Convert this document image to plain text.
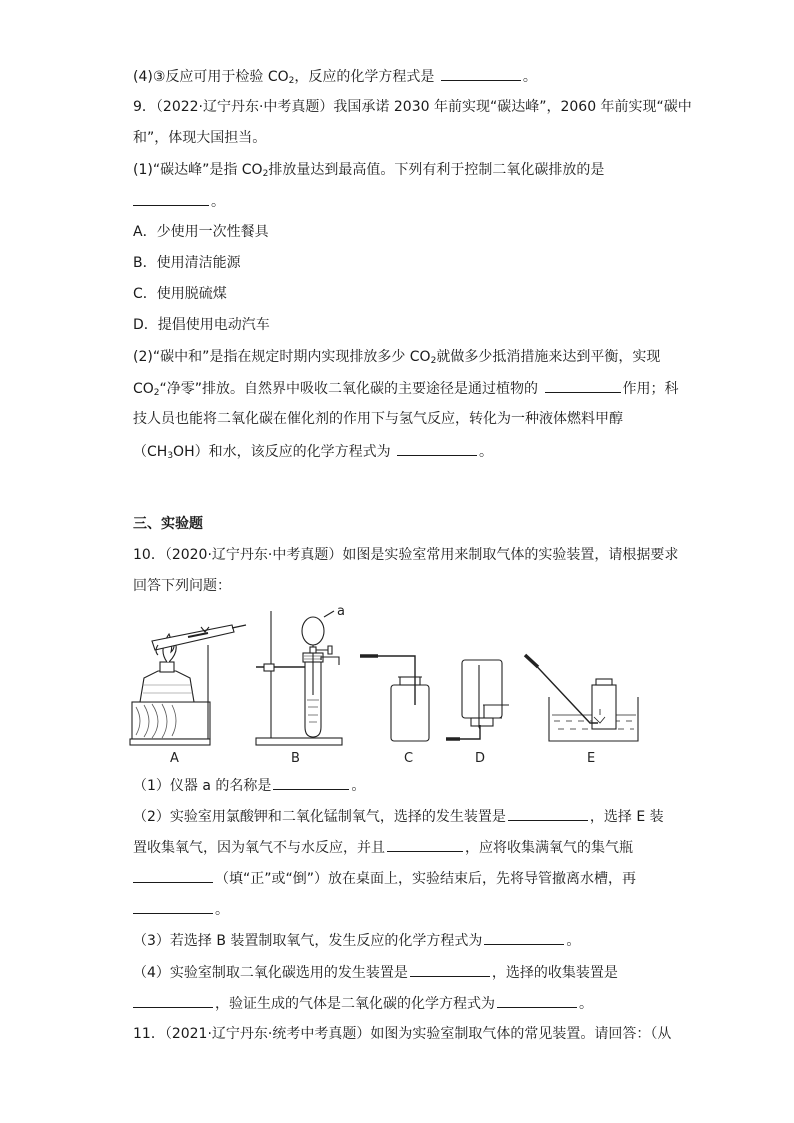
(4)③反应可用于检验 $CO_2$，反应的化学方程式是	。
9．（2022·辽宁丹东·中考真题）我国承诺 2030 年前实现“碳达峰”，2060 年前实现“碳中
和”，体现大国担当。
(1)“碳达峰”是指 $CO_2$排放量达到最高值。下列有利于控制二氧化碳排放的是
。
A．少使用一次性餐具
B．使用清洁能源
C．使用脱硫煤
D．提倡使用电动汽车
(2)“碳中和”是指在规定时期内实现排放多少 $CO_2$就做多少抵消措施来达到平衡，实现
$CO_2“$净零”排放。自然界中吸收二氧化碳的主要途径是通过植物的	作用；科
技人员也能将二氧化碳在催化剂的作用下与氢气反应，转化为一种液体燃料甲醇
$(CH_3OH)$和水，该反应的化学方程式为	。
三、实验题
10．（2020·辽宁丹东·中考真题）如图是实验室常用来制取气体的实验装置，请根据要求
回答下列问题：
A
a
B	C	D	E
（1）仪器 a 的名称是	。
（2）实验室用氯酸钾和二氧化锰制氧气，选择的发生装置是	，选择 E 装
置收集氧气，因为氧气不与水反应，并且	，应将收集满氧气的集气瓶
（填“正”或“倒”）放在桌面上，实验结束后，先将导管撤离水槽，再
。
（3）若选择 B 装置制取氧气，发生反应的化学方程式为	。
（4）实验室制取二氧化碳选用的发生装置是	，选择的收集装置是
，验证生成的气体是二氧化碳的化学方程式为	。
11．（2021·辽宁丹东·统考中考真题）如图为实验室制取气体的常见装置。请回答：（从
